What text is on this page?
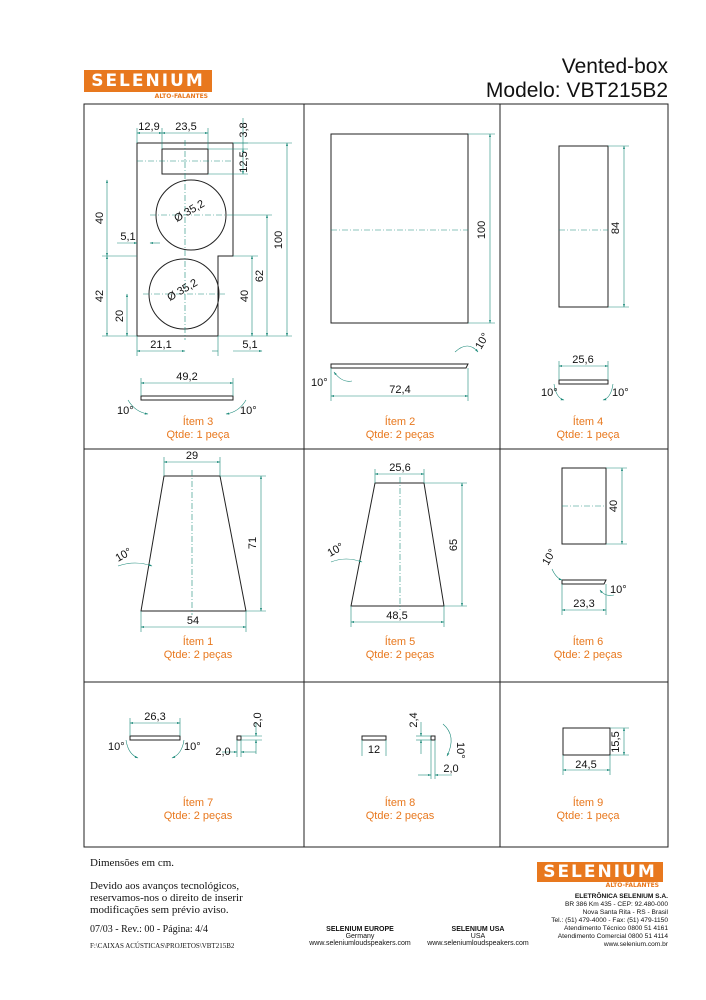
SELENIUM
ALTO-FALANTES
Vented-box
Modelo: VBT215B2
12,9 23,5	3,8
12,5
100
40
42
20
5,1
62
40
Ø 35,2
Ø 35,2
21,1	5,1
49,2
10°	10°
100
72,4
10°
10°
84
25,6
10°	10°
29
71
54
10°
25,6
65
48,5
10°
40
23,3
10°
10°
26,3	2,0
2,0
10°	10°	12
2,4
2,0
10°
24,5
15,5
Ítem 3
Qtde: 1 peça
Ítem 2
Qtde: 2 peças
Ítem 4
Qtde: 1 peça
Ítem 1
Qtde: 2 peças
Ítem 5
Qtde: 2 peças
Ítem 6
Qtde: 2 peças
Ítem 7
Qtde: 2 peças
Ítem 8
Qtde: 2 peças
Ítem 9
Qtde: 1 peça
Dimensões em cm.
Devido aos avanços tecnológicos,
reservamos-nos o direito de inserir
modificações sem prévio aviso.
07/03 - Rev.: 00 - Página: 4/4
F:\CAIXAS ACÚSTICAS\PROJETOS\VBT215B2
SELENIUM EUROPE
Germany
www.seleniumloudspeakers.com
SELENIUM USA
USA
www.seleniumloudspeakers.com
SELENIUM
ALTO-FALANTES
ELETRÔNICA SELENIUM S.A.
BR 386 Km 435 - CEP: 92.480-000
Nova Santa Rita - RS - Brasil
Tel.: (51) 479-4000 - Fax: (51) 479-1150
Atendimento Técnico 0800 51 4161
Atendimento Comercial 0800 51 4114
www.selenium.com.br
